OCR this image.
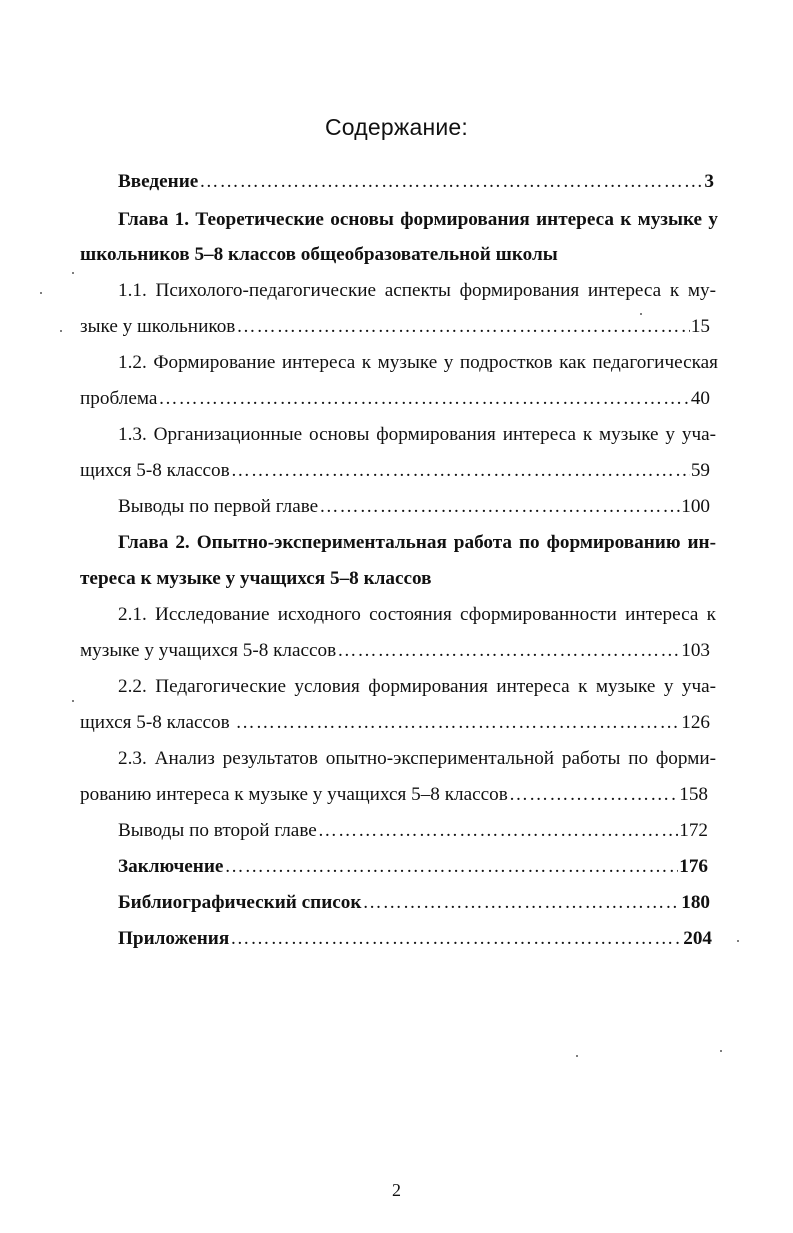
Содержание:
Введение ……………………………………………………………………………………………………………………………………………………………………	3
Глава 1. Теоретические основы формирования интереса к музыке у
школьников 5–8 классов общеобразовательной школы
1.1. Психолого-педагогические аспекты формирования интереса к му-
зыке у школьников ……………………………………………………………………………………………………………………………………………………………………	15
1.2. Формирование интереса к музыке у подростков как педагогическая
проблема ……………………………………………………………………………………………………………………………………………………………………	40
1.3. Организационные основы формирования интереса к музыке у уча-
щихся 5-8 классов ……………………………………………………………………………………………………………………………………………………………………	59
Выводы по первой главе ……………………………………………………………………………………………………………………………………………………………………	100
Глава 2. Опытно-экспериментальная работа по формированию ин-
тереса к музыке у учащихся 5–8 классов
2.1. Исследование исходного состояния сформированности интереса к
музыке у учащихся 5-8 классов ……………………………………………………………………………………………………………………………………………………………………	103
2.2. Педагогические условия формирования интереса к музыке у уча-
щихся 5-8 классов ……………………………………………………………………………………………………………………………………………………………………	126
2.3. Анализ результатов опытно-экспериментальной работы по форми-
рованию интереса к музыке у учащихся 5–8 классов ……………………………………………………………………………………………………………………………………………………………………	158
Выводы по второй главе ……………………………………………………………………………………………………………………………………………………………………	172
Заключение ……………………………………………………………………………………………………………………………………………………………………	176
Библиографический список ……………………………………………………………………………………………………………………………………………………………………	180
Приложения ……………………………………………………………………………………………………………………………………………………………………	204
2
